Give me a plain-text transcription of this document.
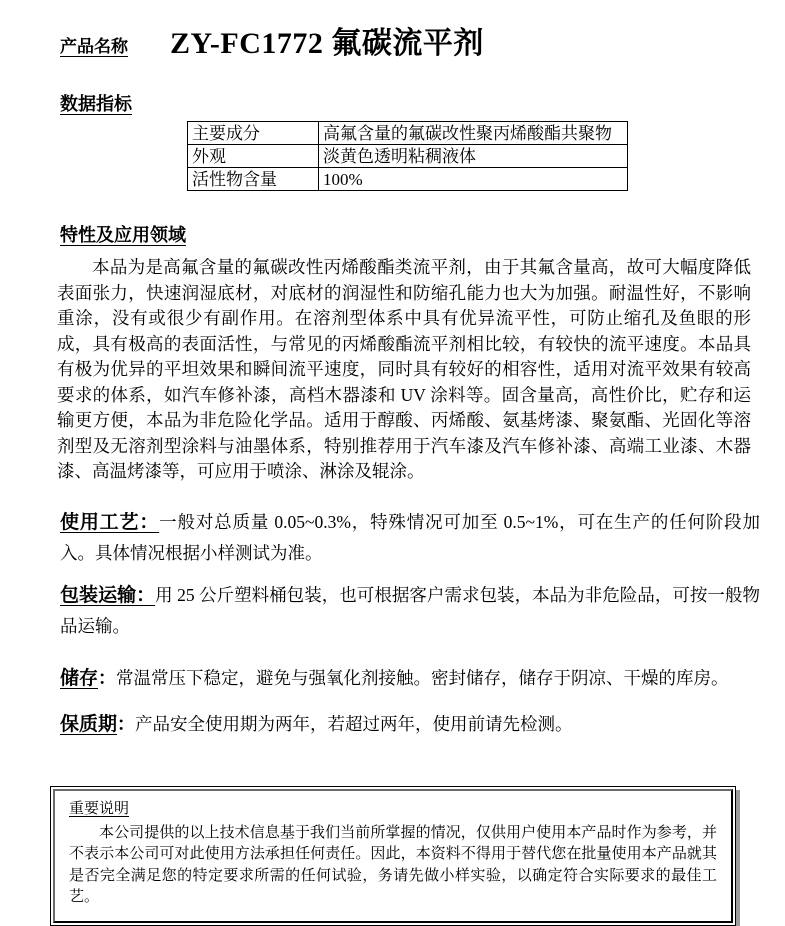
产品名称 ZY-FC1772 氟碳流平剂
数据指标
主要成分	高氟含量的氟碳改性聚丙烯酸酯共聚物
外观	淡黄色透明粘稠液体
活性物含量	100%
特性及应用领域

本品为是高氟含量的氟碳改性丙烯酸酯类流平剂，由于其氟含量高，故可大幅度降低表面张力，快速润湿底材，对底材的润湿性和防缩孔能力也大为加强。耐温性好，不影响重涂，没有或很少有副作用。在溶剂型体系中具有优异流平性，可防止缩孔及鱼眼的形成，具有极高的表面活性，与常见的丙烯酸酯流平剂相比较，有较快的流平速度。本品具有极为优异的平坦效果和瞬间流平速度，同时具有较好的相容性，适用对流平效果有较高要求的体系，如汽车修补漆，高档木器漆和 UV 涂料等。固含量高，高性价比，贮存和运输更方便，本品为非危险化学品。适用于醇酸、丙烯酸、氨基烤漆、聚氨酯、光固化等溶剂型及无溶剂型涂料与油墨体系，特别推荐用于汽车漆及汽车修补漆、高端工业漆、木器漆、高温烤漆等，可应用于喷涂、淋涂及辊涂。

使用工艺：一般对总质量 0.05~0.3%，特殊情况可加至 0.5~1%，可在生产的任何阶段加入。具体情况根据小样测试为准。

包装运输：用 25 公斤塑料桶包装，也可根据客户需求包装，本品为非危险品，可按一般物品运输。

储存：常温常压下稳定，避免与强氧化剂接触。密封储存，储存于阴凉、干燥的库房。

保质期：产品安全使用期为两年，若超过两年，使用前请先检测。

重要说明

本公司提供的以上技术信息基于我们当前所掌握的情况，仅供用户使用本产品时作为参考，并不表示本公司可对此使用方法承担任何责任。因此，本资料不得用于替代您在批量使用本产品就其是否完全满足您的特定要求所需的任何试验，务请先做小样实验，以确定符合实际要求的最佳工艺。
